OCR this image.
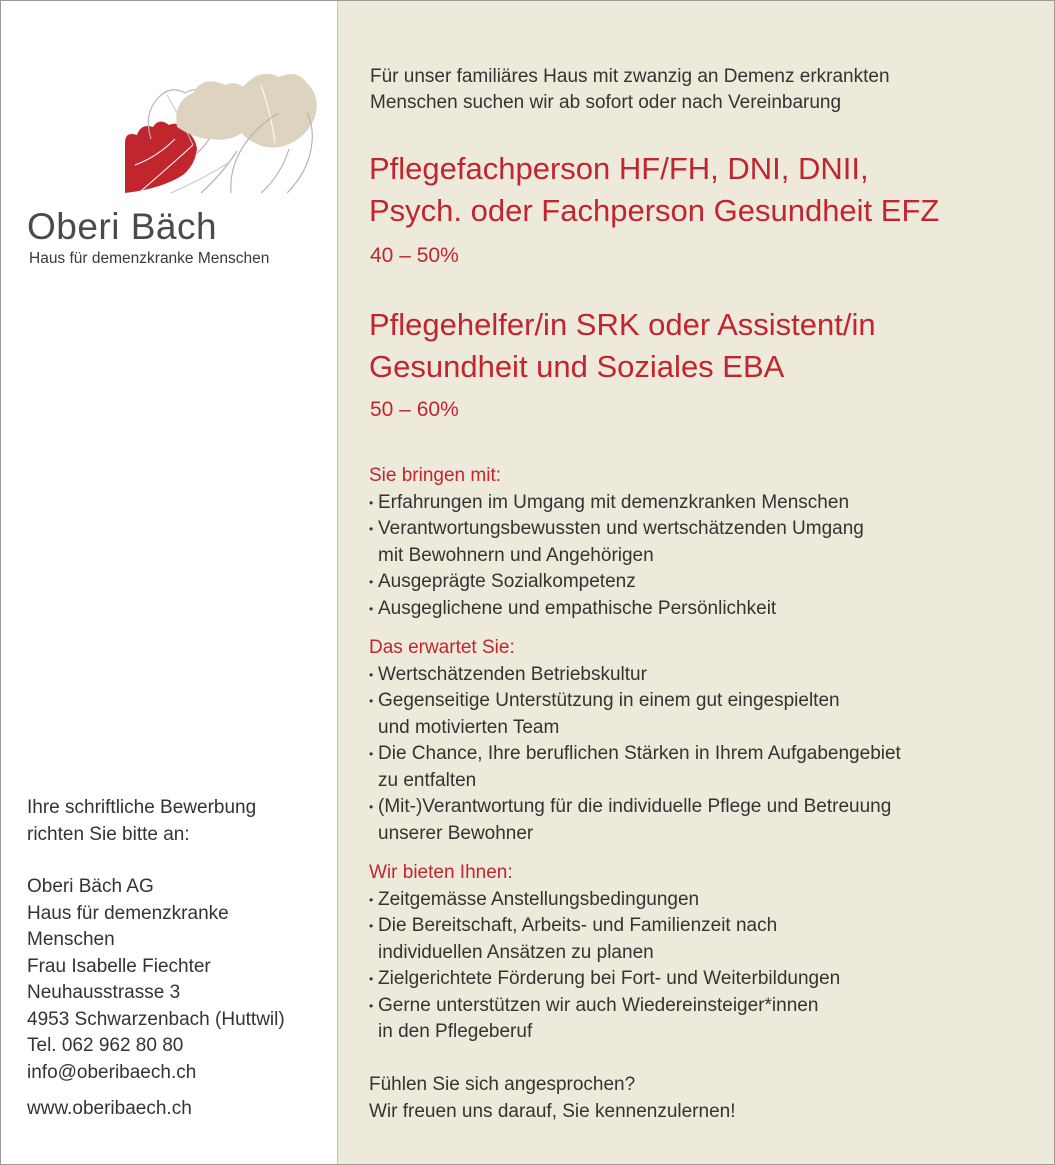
Oberi Bäch
Haus für demenzkranke Menschen
Ihre schriftliche Bewerbung
richten Sie bitte an:
Oberi Bäch AG
Haus für demenzkranke
Menschen
Frau Isabelle Fiechter
Neuhausstrasse 3
4953 Schwarzenbach (Huttwil)
Tel. 062 962 80 80
info@oberibaech.ch
www.oberibaech.ch
Für unser familiäres Haus mit zwanzig an Demenz erkrankten
Menschen suchen wir ab sofort oder nach Vereinbarung
Pflegefachperson HF/FH, DNI, DNII,
Psych. oder Fachperson Gesundheit EFZ
40 – 50%
Pflegehelfer/in SRK oder Assistent/in
Gesundheit und Soziales EBA
50 – 60%
Sie bringen mit:
• Erfahrungen im Umgang mit demenzkranken Menschen
• Verantwortungsbewussten und wertschätzenden Umgang
mit Bewohnern und Angehörigen
• Ausgeprägte Sozialkompetenz
• Ausgeglichene und empathische Persönlichkeit
Das erwartet Sie:
• Wertschätzenden Betriebskultur
• Gegenseitige Unterstützung in einem gut eingespielten
und motivierten Team
• Die Chance, Ihre beruflichen Stärken in Ihrem Aufgabengebiet
zu entfalten
• (Mit-)Verantwortung für die individuelle Pflege und Betreuung
unserer Bewohner
Wir bieten Ihnen:
• Zeitgemässe Anstellungsbedingungen
• Die Bereitschaft, Arbeits- und Familienzeit nach
individuellen Ansätzen zu planen
• Zielgerichtete Förderung bei Fort- und Weiterbildungen
• Gerne unterstützen wir auch Wiedereinsteiger*innen
in den Pflegeberuf
Fühlen Sie sich angesprochen?
Wir freuen uns darauf, Sie kennenzulernen!
